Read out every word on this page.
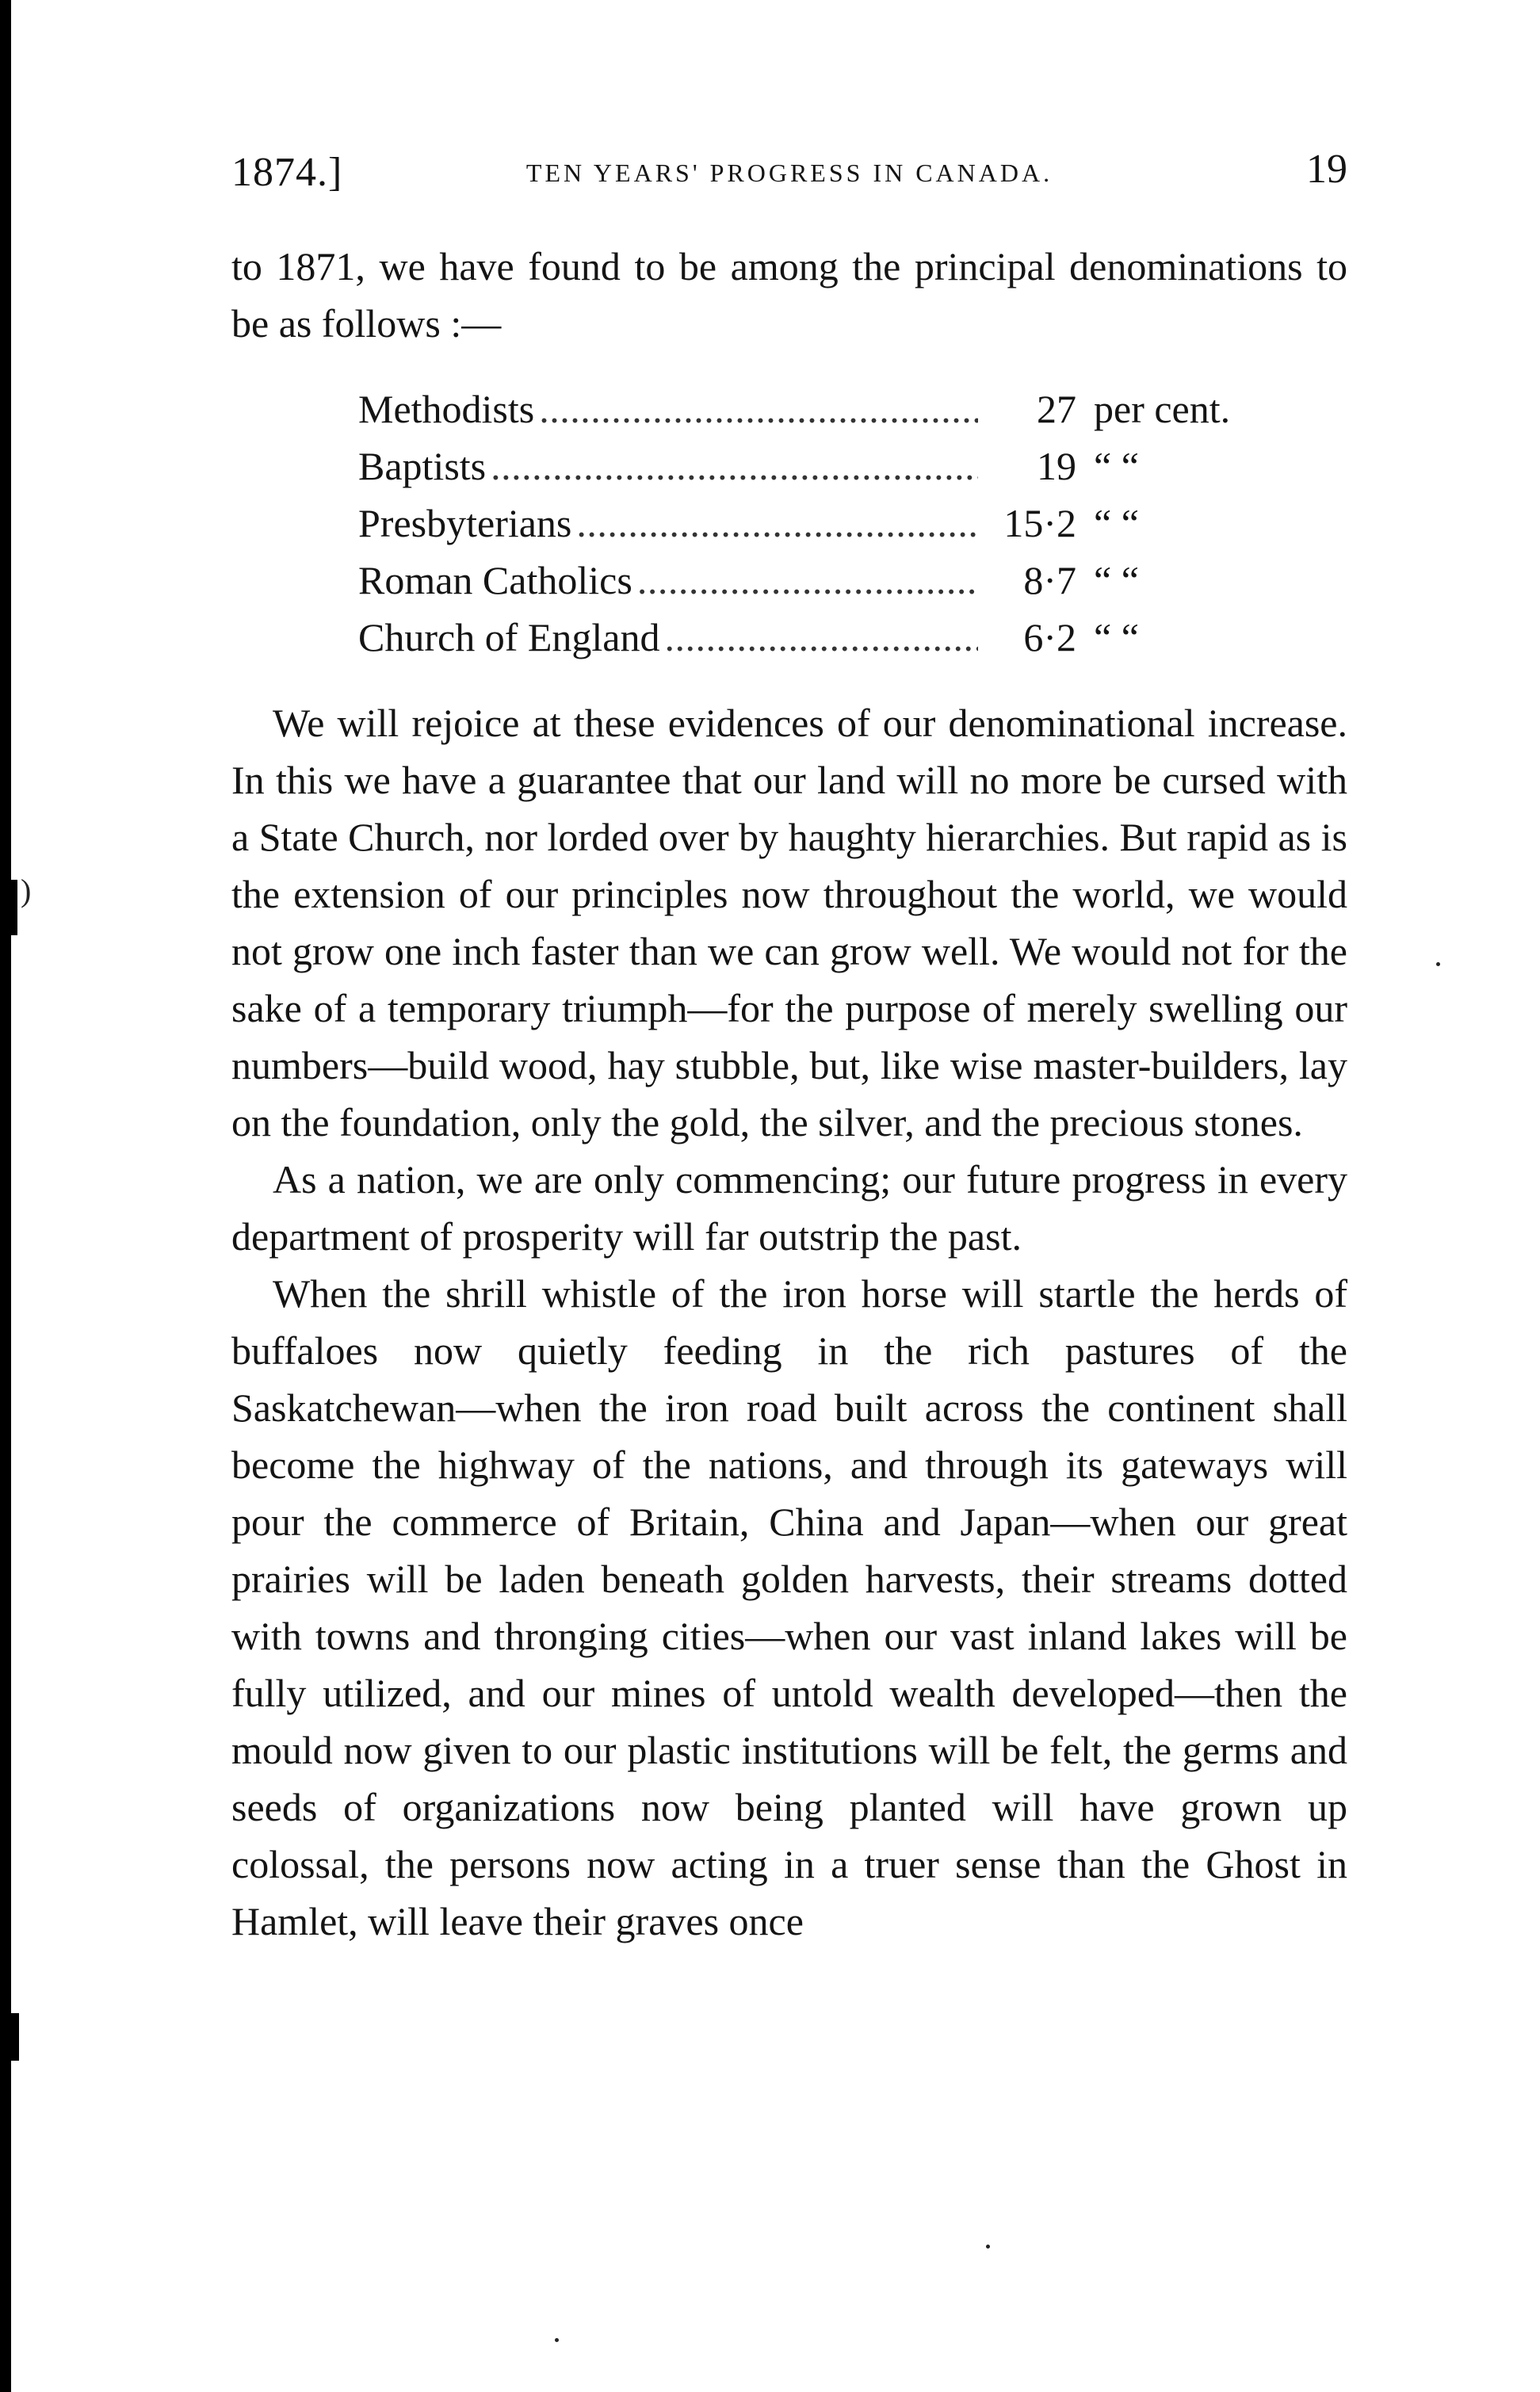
)
1874.]	TEN YEARS' PROGRESS IN CANADA.	19

to 1871, we have found to be among the principal denominations to be as follows :—

Methodists . . .	27 per cent.
Baptists . . .	19 “ “
Presbyterians . . .	15·2 “ “
Roman Catholics . . .	8·7 “ “
Church of England . . .	6·2 “ “

We will rejoice at these evidences of our denominational increase. In this we have a guarantee that our land will no more be cursed with a State Church, nor lorded over by haughty hierarchies. But rapid as is the extension of our principles now throughout the world, we would not grow one inch faster than we can grow well. We would not for the sake of a temporary triumph—for the purpose of merely swelling our numbers—build wood, hay stubble, but, like wise master-builders, lay on the foundation, only the gold, the silver, and the precious stones.

As a nation, we are only commencing; our future progress in every department of prosperity will far outstrip the past.

When the shrill whistle of the iron horse will startle the herds of buffaloes now quietly feeding in the rich pastures of the Saskatchewan—when the iron road built across the continent shall become the highway of the nations, and through its gateways will pour the commerce of Britain, China and Japan—when our great prairies will be laden beneath golden harvests, their streams dotted with towns and thronging cities—when our vast inland lakes will be fully utilized, and our mines of untold wealth developed—then the mould now given to our plastic institutions will be felt, the germs and seeds of organizations now being planted will have grown up colossal, the persons now acting in a truer sense than the Ghost in Hamlet, will leave their graves once
